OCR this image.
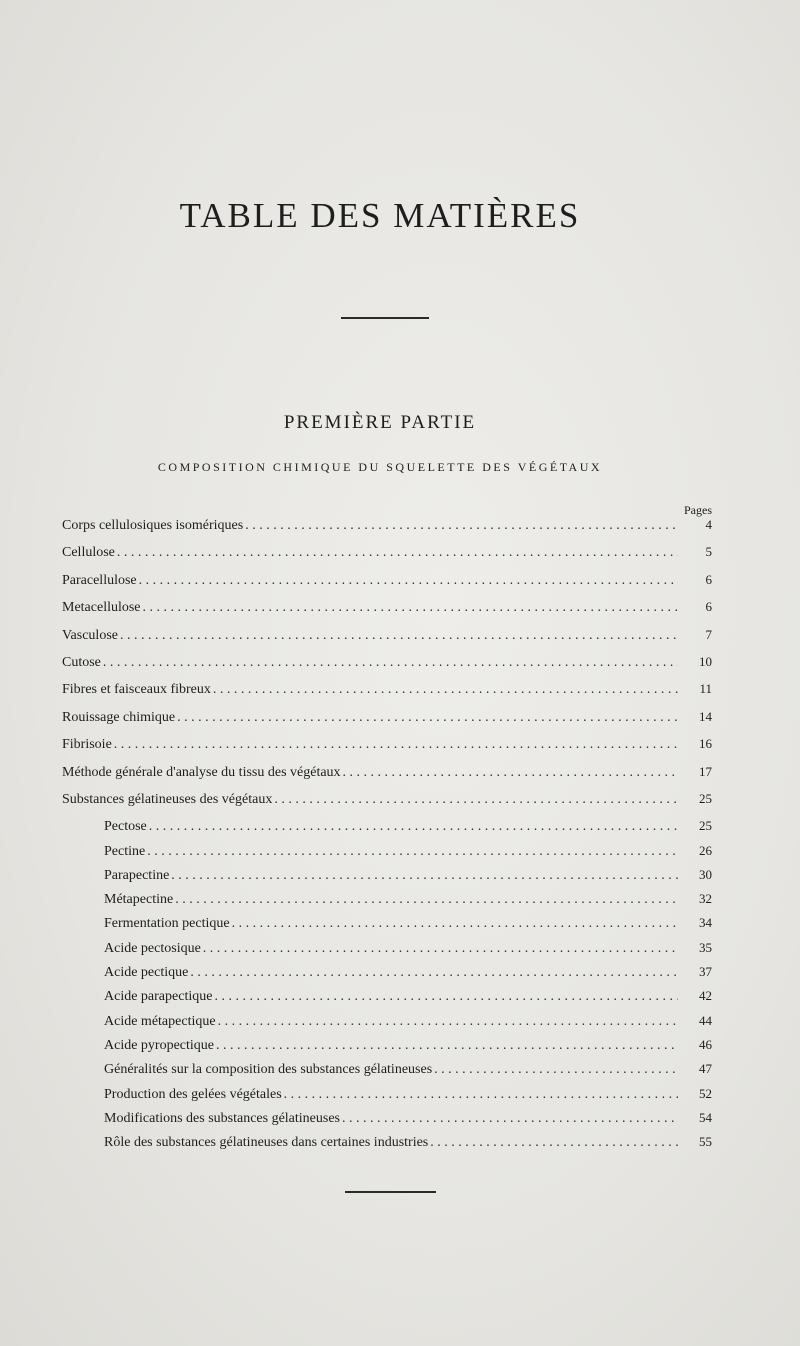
TABLE DES MATIÈRES
PREMIÈRE PARTIE
COMPOSITION CHIMIQUE DU SQUELETTE DES VÉGÉTAUX
Pages
Corps cellulosiques isomériques . . .	4
Cellulose . . .	5
Paracellulose . . .	6
Metacellulose . . .	6
Vasculose . . .	7
Cutose . . .	10
Fibres et faisceaux fibreux . . .	11
Rouissage chimique . . .	14
Fibrisoie . . .	16
Méthode générale d'analyse du tissu des végétaux . . .	17
Substances gélatineuses des végétaux . . .	25
Pectose . . .	25
Pectine . . .	26
Parapectine . . .	30
Métapectine . . .	32
Fermentation pectique . . .	34
Acide pectosique . . .	35
Acide pectique . . .	37
Acide parapectique . . .	42
Acide métapectique . . .	44
Acide pyropectique . . .	46
Généralités sur la composition des substances gélatineuses . . .	47
Production des gelées végétales . . .	52
Modifications des substances gélatineuses . . .	54
Rôle des substances gélatineuses dans certaines industries . . .	55
